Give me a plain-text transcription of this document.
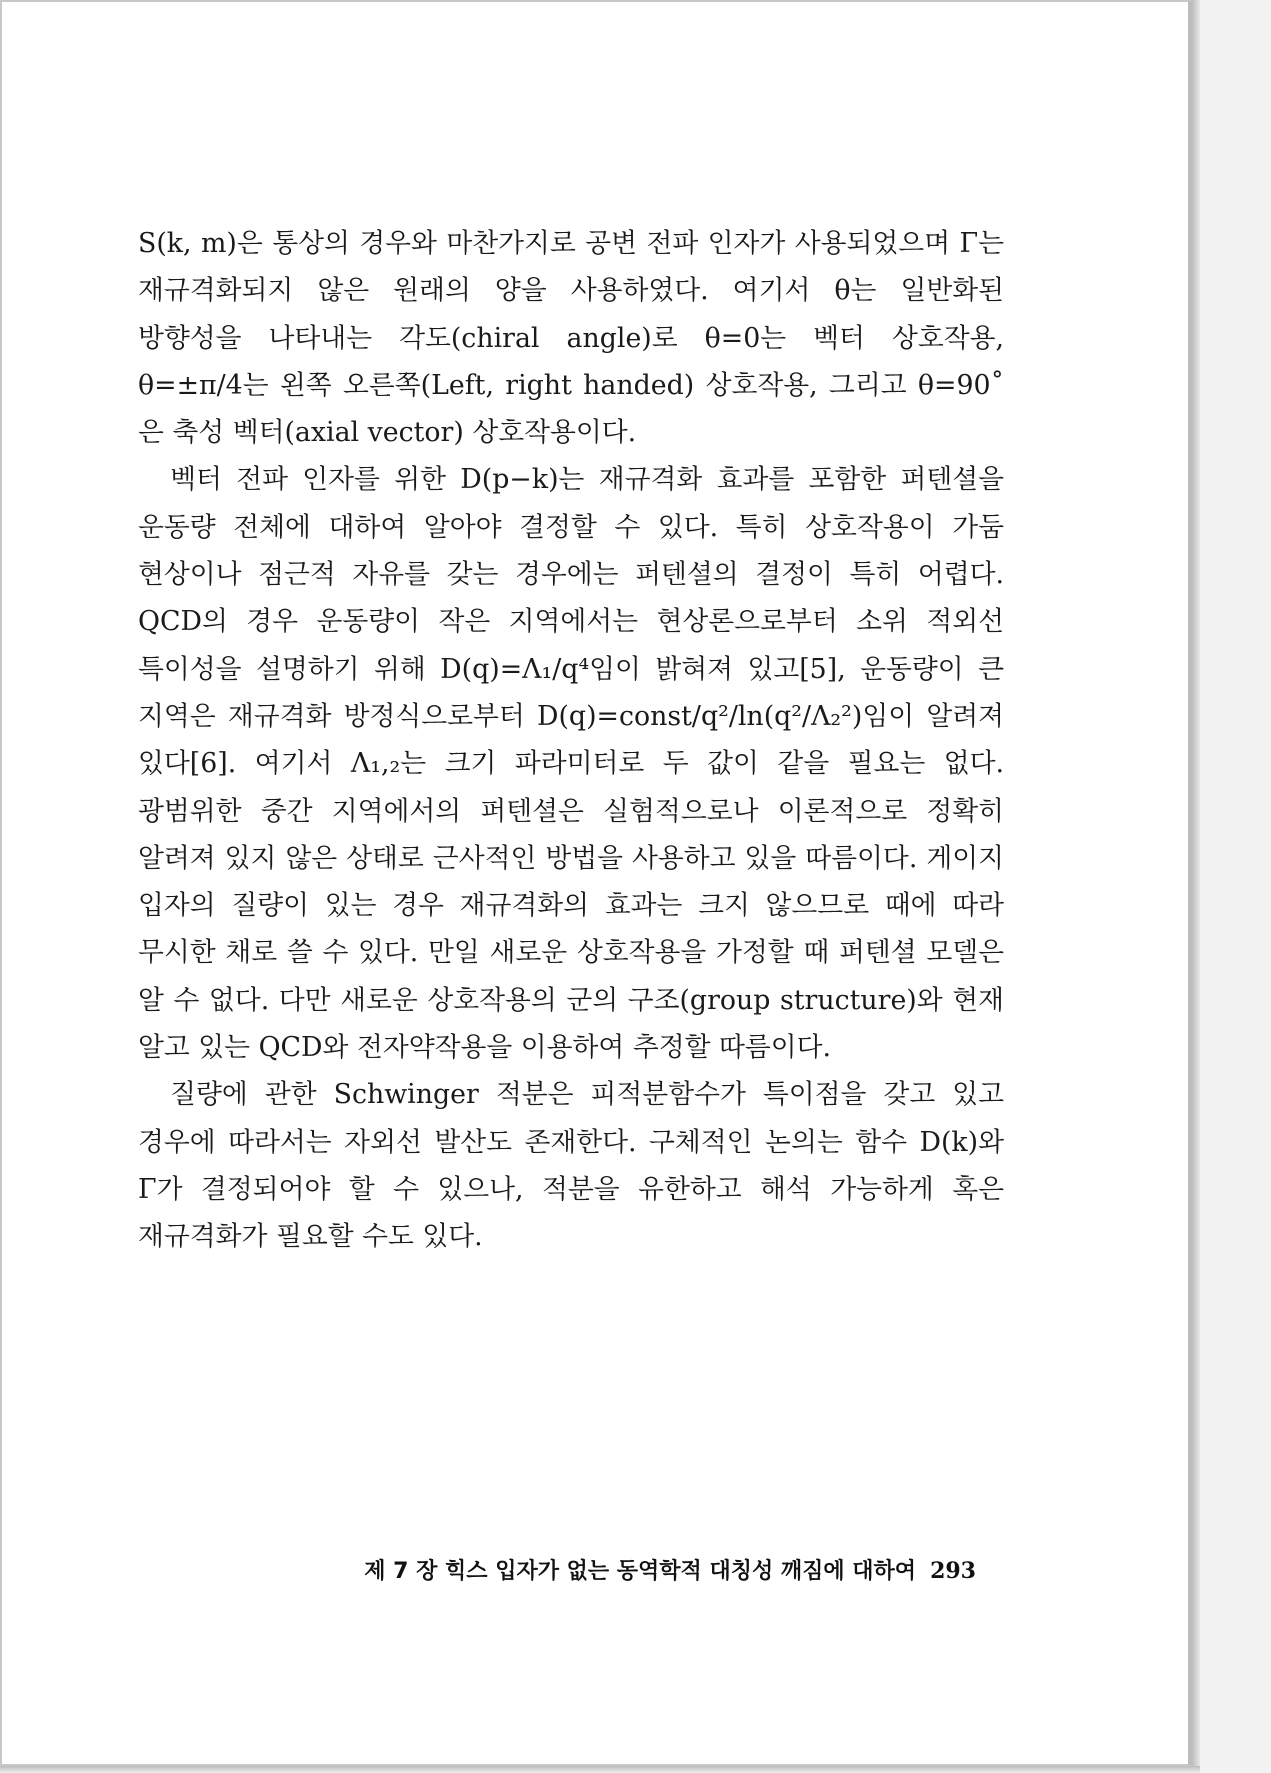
S(k, m)은 통상의 경우와 마찬가지로 공변 전파 인자가 사용되었으며 Γ는 재규격화되지 않은 원래의 양을 사용하였다. 여기서 θ는 일반화된 방향성을 나타내는 각도(chiral angle)로 θ=0는 벡터 상호작용, θ=±π/4는 왼쪽 오른쪽(Left, right handed) 상호작용, 그리고 θ=90˚은 축성 벡터(axial vector) 상호작용이다.

벡터 전파 인자를 위한 D(p−k)는 재규격화 효과를 포함한 퍼텐셜을 운동량 전체에 대하여 알아야 결정할 수 있다. 특히 상호작용이 가둠 현상이나 점근적 자유를 갖는 경우에는 퍼텐셜의 결정이 특히 어렵다. QCD의 경우 운동량이 작은 지역에서는 현상론으로부터 소위 적외선 특이성을 설명하기 위해 D(q)=Λ₁/q⁴임이 밝혀져 있고[5], 운동량이 큰 지역은 재규격화 방정식으로부터 D(q)=const/q²/ln(q²/Λ₂²)임이 알려져 있다[6]. 여기서 Λ₁,₂는 크기 파라미터로 두 값이 같을 필요는 없다. 광범위한 중간 지역에서의 퍼텐셜은 실험적으로나 이론적으로 정확히 알려져 있지 않은 상태로 근사적인 방법을 사용하고 있을 따름이다. 게이지 입자의 질량이 있는 경우 재규격화의 효과는 크지 않으므로 때에 따라 무시한 채로 쓸 수 있다. 만일 새로운 상호작용을 가정할 때 퍼텐셜 모델은 알 수 없다. 다만 새로운 상호작용의 군의 구조(group structure)와 현재 알고 있는 QCD와 전자약작용을 이용하여 추정할 따름이다.

질량에 관한 Schwinger 적분은 피적분함수가 특이점을 갖고 있고 경우에 따라서는 자외선 발산도 존재한다. 구체적인 논의는 함수 D(k)와 Γ가 결정되어야 할 수 있으나, 적분을 유한하고 해석 가능하게 혹은 재규격화가 필요할 수도 있다.

제 7 장 힉스 입자가 없는 동역학적 대칭성 깨짐에 대하여 293
